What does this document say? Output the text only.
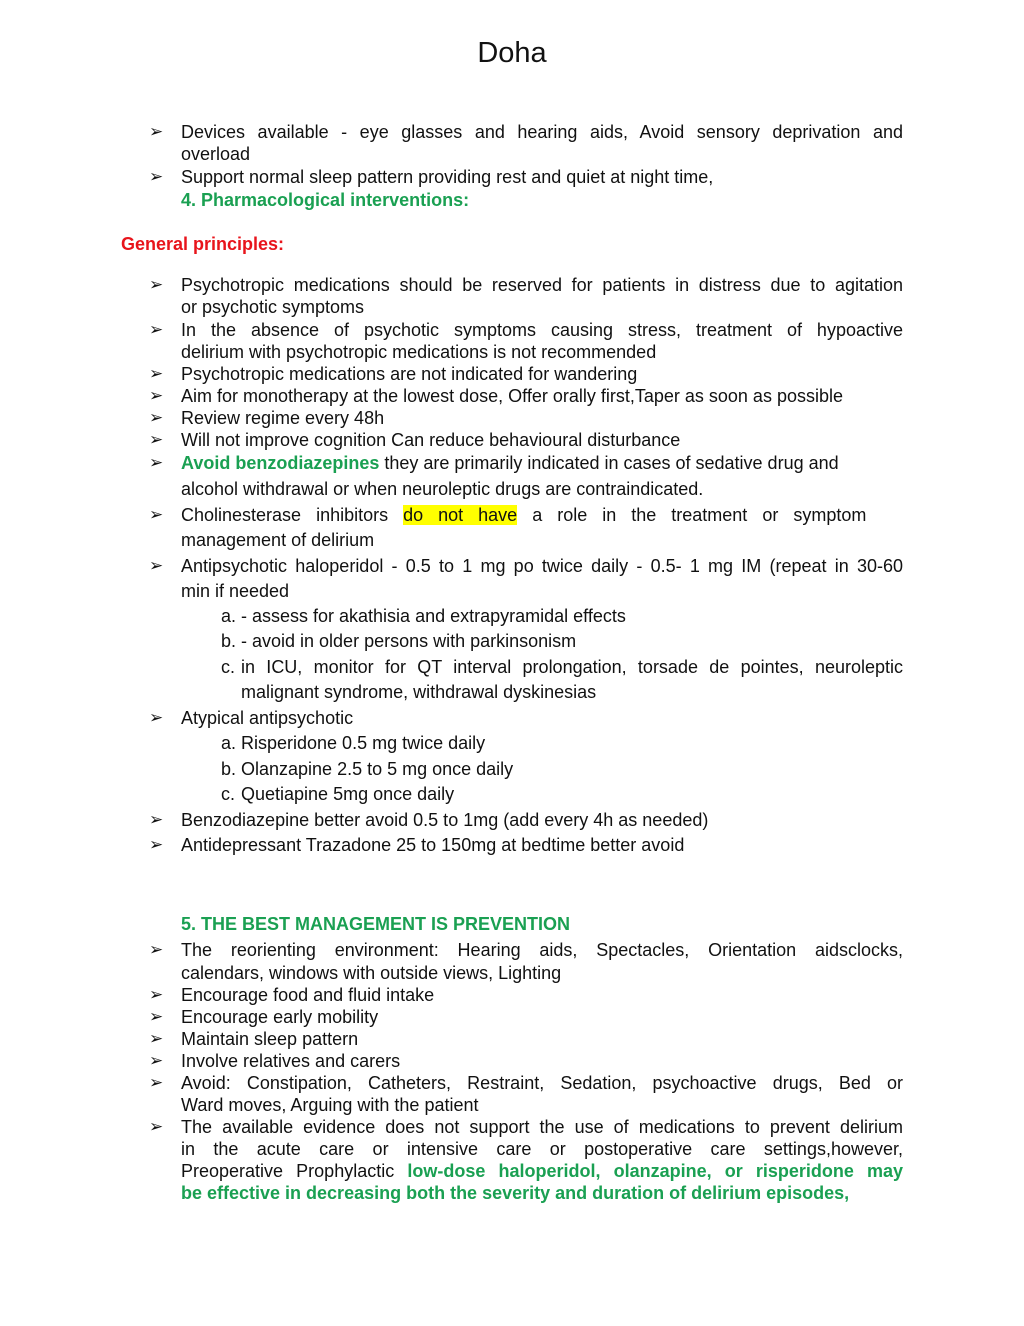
Doha
➢ Devices available - eye glasses and hearing aids, Avoid sensory deprivation and
overload
➢ Support normal sleep pattern providing rest and quiet at night time,
4. Pharmacological interventions:
General principles:
➢ Psychotropic medications should be reserved for patients in distress due to agitation
or psychotic symptoms
➢ In the absence of psychotic symptoms causing stress, treatment of hypoactive
delirium with psychotropic medications is not recommended
➢ Psychotropic medications are not indicated for wandering
➢ Aim for monotherapy at the lowest dose, Offer orally first,Taper as soon as possible
➢ Review regime every 48h
➢ Will not improve cognition Can reduce behavioural disturbance
➢ Avoid benzodiazepines they are primarily indicated in cases of sedative drug and
alcohol withdrawal or when neuroleptic drugs are contraindicated.
➢ Cholinesterase   inhibitors   do   not   have   a   role   in   the   treatment   or   symptom
management of delirium
➢ Antipsychotic haloperidol - 0.5 to 1 mg po twice daily - 0.5- 1 mg IM (repeat in 30-60
min if needed
a. - assess for akathisia and extrapyramidal effects
b. - avoid in older persons with parkinsonism
c. in ICU, monitor for QT interval prolongation, torsade de pointes, neuroleptic
malignant syndrome, withdrawal dyskinesias
➢ Atypical antipsychotic
a. Risperidone 0.5 mg twice daily
b. Olanzapine 2.5 to 5 mg once daily
c. Quetiapine 5mg once daily
➢ Benzodiazepine better avoid 0.5 to 1mg (add every 4h as needed)
➢ Antidepressant Trazadone 25 to 150mg at bedtime better avoid
5. THE BEST MANAGEMENT IS PREVENTION
➢ The reorienting environment: Hearing aids, Spectacles, Orientation aidsclocks,
calendars, windows with outside views, Lighting
➢ Encourage food and fluid intake
➢ Encourage early mobility
➢ Maintain sleep pattern
➢ Involve relatives and carers
➢ Avoid: Constipation, Catheters, Restraint, Sedation, psychoactive drugs, Bed or
Ward moves, Arguing with the patient
➢ The available evidence does not support the use of medications to prevent delirium
in the acute care or intensive care or postoperative care settings,however,
Preoperative Prophylactic low-dose haloperidol, olanzapine, or risperidone may
be effective in decreasing both the severity and duration of delirium episodes,
